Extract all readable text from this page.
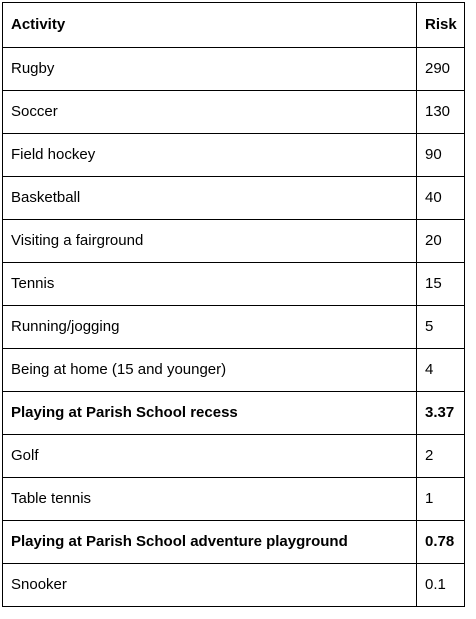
Activity	Risk
Rugby	290
Soccer	130
Field hockey	90
Basketball	40
Visiting a fairground	20
Tennis	15
Running/jogging	5
Being at home (15 and younger)	4
Playing at Parish School recess	3.37
Golf	2
Table tennis	1
Playing at Parish School adventure playground	0.78
Snooker	0.1
